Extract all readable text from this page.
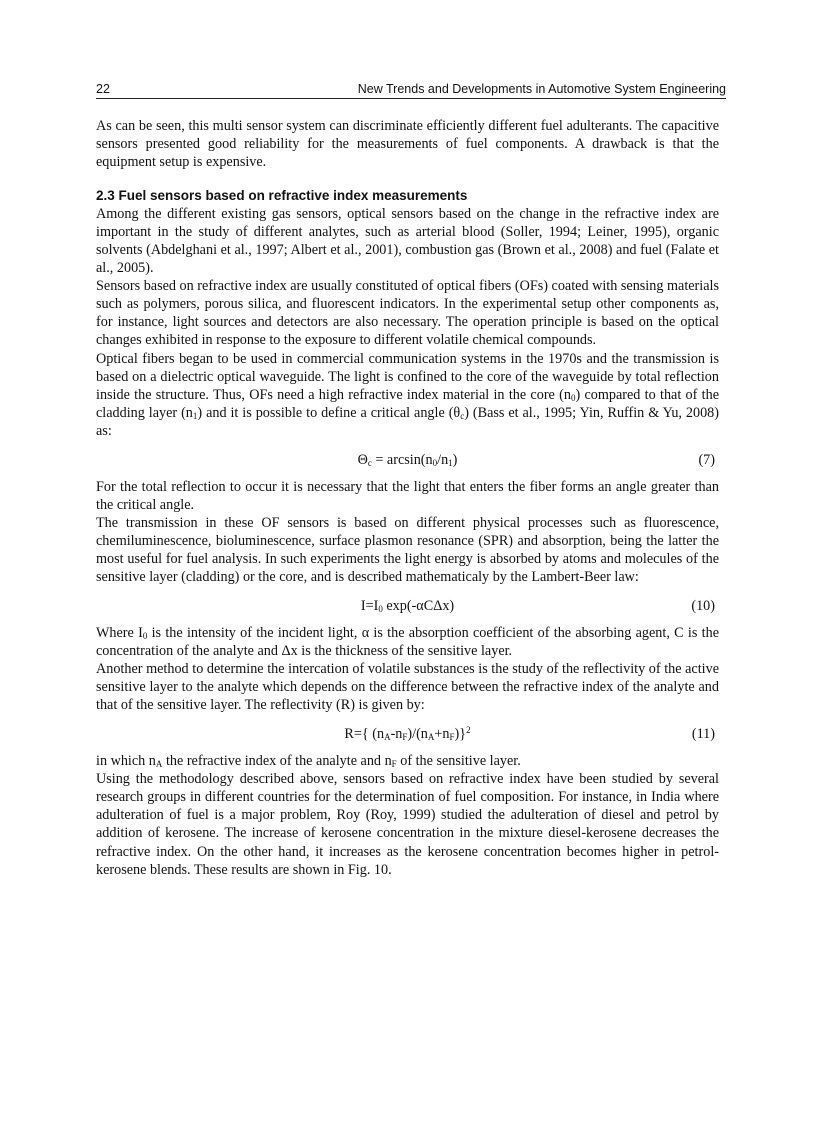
22	New Trends and Developments in Automotive System Engineering

As can be seen, this multi sensor system can discriminate efficiently different fuel adulterants. The capacitive sensors presented good reliability for the measurements of fuel components. A drawback is that the equipment setup is expensive.

2.3 Fuel sensors based on refractive index measurements

Among the different existing gas sensors, optical sensors based on the change in the refractive index are important in the study of different analytes, such as arterial blood (Soller, 1994; Leiner, 1995), organic solvents (Abdelghani et al., 1997; Albert et al., 2001), combustion gas (Brown et al., 2008) and fuel (Falate et al., 2005).

Sensors based on refractive index are usually constituted of optical fibers (OFs) coated with sensing materials such as polymers, porous silica, and fluorescent indicators. In the experimental setup other components as, for instance, light sources and detectors are also necessary. The operation principle is based on the optical changes exhibited in response to the exposure to different volatile chemical compounds.

Optical fibers began to be used in commercial communication systems in the 1970s and the transmission is based on a dielectric optical waveguide. The light is confined to the core of the waveguide by total reflection inside the structure. Thus, OFs need a high refractive index material in the core $(n_0)$ compared to that of the cladding layer $(n_1)$ and it is possible to define a critical angle $(\theta_c)$ (Bass et al., 1995; Yin, Ruffin & Yu, 2008) as:

$\Theta_c = \arcsin(n_0/n_1)$	(7)

For the total reflection to occur it is necessary that the light that enters the fiber forms an angle greater than the critical angle.

The transmission in these OF sensors is based on different physical processes such as fluorescence, chemiluminescence, bioluminescence, surface plasmon resonance (SPR) and absorption, being the latter the most useful for fuel analysis. In such experiments the light energy is absorbed by atoms and molecules of the sensitive layer (cladding) or the core, and is described mathematicaly by the Lambert-Beer law:

$I=I_0$ exp(-αCΔx)	(10)

Where $I_0$ is the intensity of the incident light, α is the absorption coefficient of the absorbing agent, C is the concentration of the analyte and Δx is the thickness of the sensitive layer.

Another method to determine the intercation of volatile substances is the study of the reflectivity of the active sensitive layer to the analyte which depends on the difference between the refractive index of the analyte and that of the sensitive layer. The reflectivity (R) is given by:

R={ $(n_A-n_F)/(n_A+n_F)\}^2$	(11)

in which $n_A$ the refractive index of the analyte and $n_F$ of the sensitive layer.

Using the methodology described above, sensors based on refractive index have been studied by several research groups in different countries for the determination of fuel composition. For instance, in India where adulteration of fuel is a major problem, Roy (Roy, 1999) studied the adulteration of diesel and petrol by addition of kerosene. The increase of kerosene concentration in the mixture diesel-kerosene decreases the refractive index. On the other hand, it increases as the kerosene concentration becomes higher in petrol-kerosene blends. These results are shown in Fig. 10.
